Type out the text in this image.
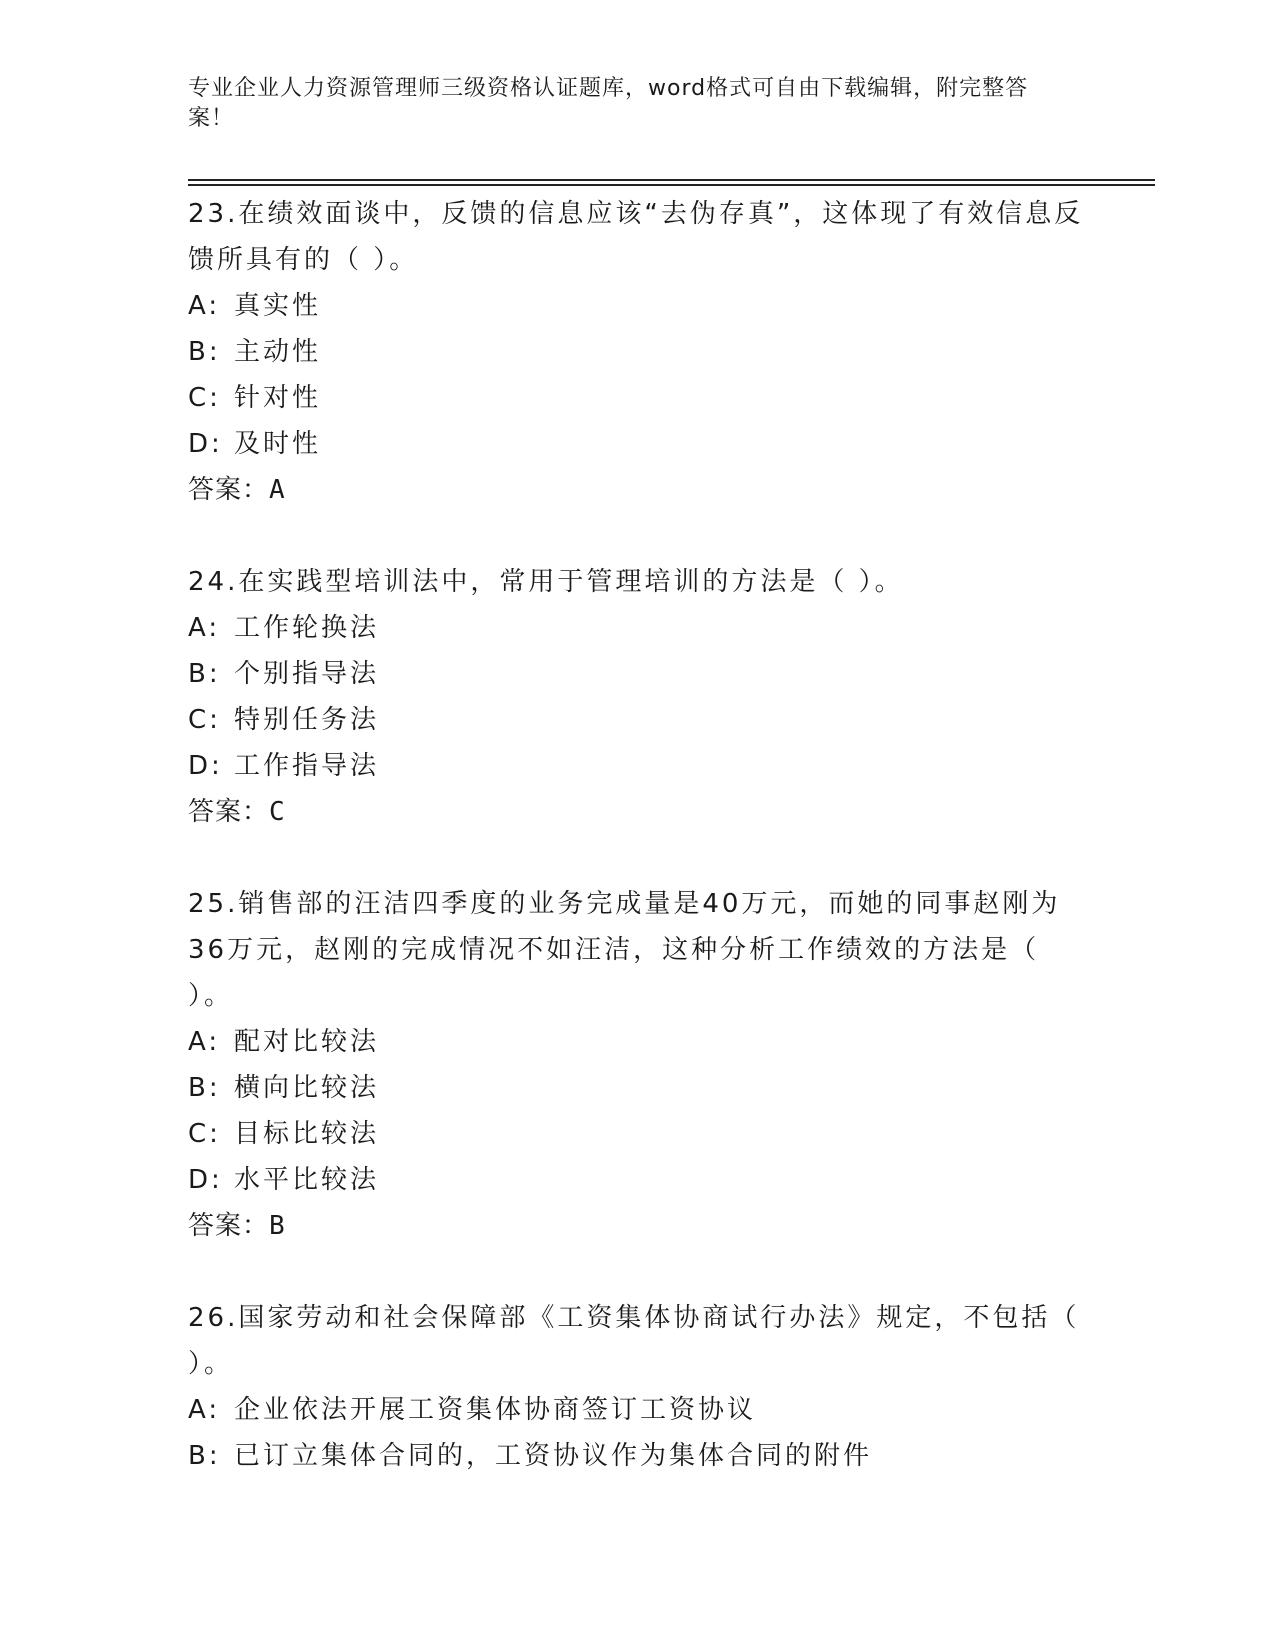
专业企业人力资源管理师三级资格认证题库，word格式可自由下载编辑，附完整答案！

23.在绩效面谈中，反馈的信息应该“去伪存真”，这体现了有效信息反馈所具有的（ ）。

A: 真实性

B: 主动性

C: 针对性

D: 及时性

答案：A

24.在实践型培训法中，常用于管理培训的方法是（ ）。

A: 工作轮换法

B: 个别指导法

C: 特别任务法

D: 工作指导法

答案：C

25.销售部的汪洁四季度的业务完成量是40万元，而她的同事赵刚为36万元，赵刚的完成情况不如汪洁，这种分析工作绩效的方法是（ ）。

A: 配对比较法

B: 横向比较法

C: 目标比较法

D: 水平比较法

答案：B

26.国家劳动和社会保障部《工资集体协商试行办法》规定，不包括（ ）。

A: 企业依法开展工资集体协商签订工资协议

B: 已订立集体合同的，工资协议作为集体合同的附件
